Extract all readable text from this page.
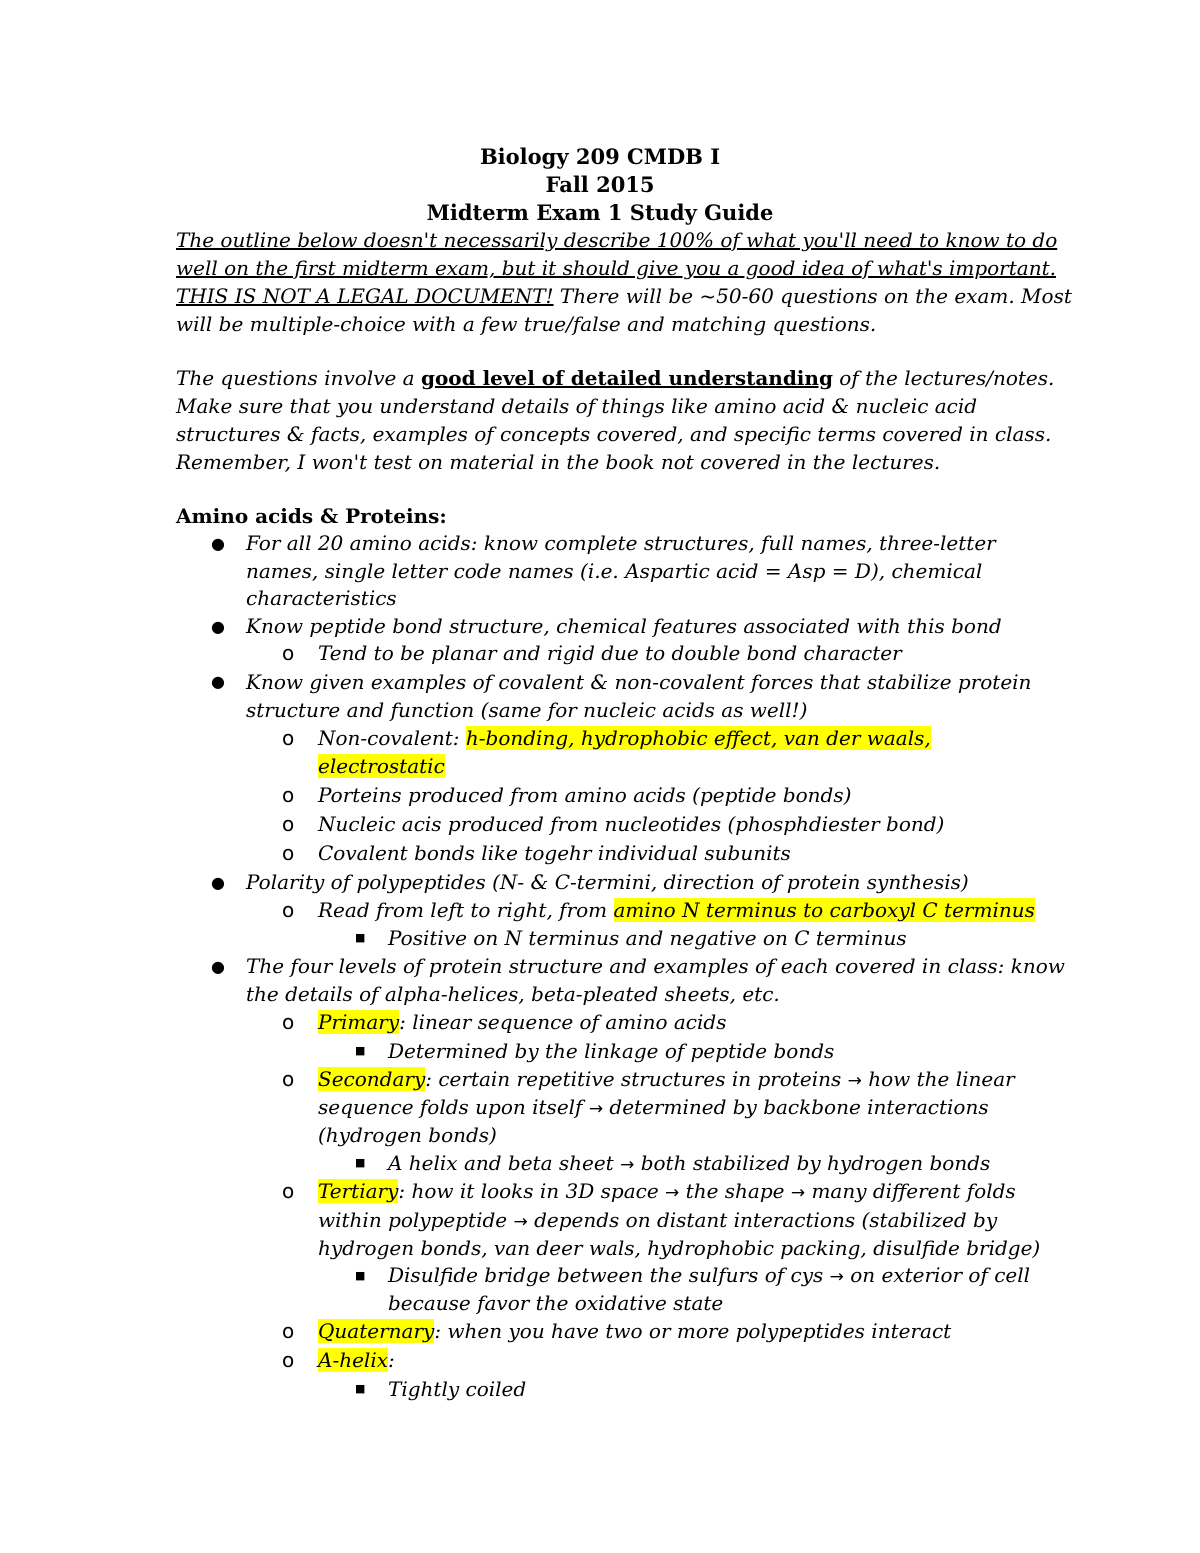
Biology 209 CMDB I
Fall 2015
Midterm Exam 1 Study Guide
The outline below doesn't necessarily describe 100% of what you'll need to know to do
well on the first midterm exam, but it should give you a good idea of what's important.
THIS IS NOT A LEGAL DOCUMENT! There will be ~50-60 questions on the exam. Most
will be multiple-choice with a few true/false and matching questions.
The questions involve a good level of detailed understanding of the lectures/notes.
Make sure that you understand details of things like amino acid & nucleic acid
structures & facts, examples of concepts covered, and specific terms covered in class.
Remember, I won't test on material in the book not covered in the lectures.
Amino acids & Proteins:
● For all 20 amino acids: know complete structures, full names, three-letter
names, single letter code names (i.e. Aspartic acid = Asp = D), chemical
characteristics
● Know peptide bond structure, chemical features associated with this bond
o Tend to be planar and rigid due to double bond character
● Know given examples of covalent & non-covalent forces that stabilize protein
structure and function (same for nucleic acids as well!)
o Non-covalent: h-bonding, hydrophobic effect, van der waals,
electrostatic
o Porteins produced from amino acids (peptide bonds)
o Nucleic acis produced from nucleotides (phosphdiester bond)
o Covalent bonds like togehr individual subunits
● Polarity of polypeptides (N- & C-termini, direction of protein synthesis)
o Read from left to right, from amino N terminus to carboxyl C terminus
■ Positive on N terminus and negative on C terminus
● The four levels of protein structure and examples of each covered in class: know
the details of alpha-helices, beta-pleated sheets, etc.
o Primary: linear sequence of amino acids
■ Determined by the linkage of peptide bonds
o Secondary: certain repetitive structures in proteins → how the linear
sequence folds upon itself → determined by backbone interactions
(hydrogen bonds)
■ A helix and beta sheet → both stabilized by hydrogen bonds
o Tertiary: how it looks in 3D space → the shape → many different folds
within polypeptide → depends on distant interactions (stabilized by
hydrogen bonds, van deer wals, hydrophobic packing, disulfide bridge)
■ Disulfide bridge between the sulfurs of cys → on exterior of cell
because favor the oxidative state
o Quaternary: when you have two or more polypeptides interact
o A-helix:
■ Tightly coiled
